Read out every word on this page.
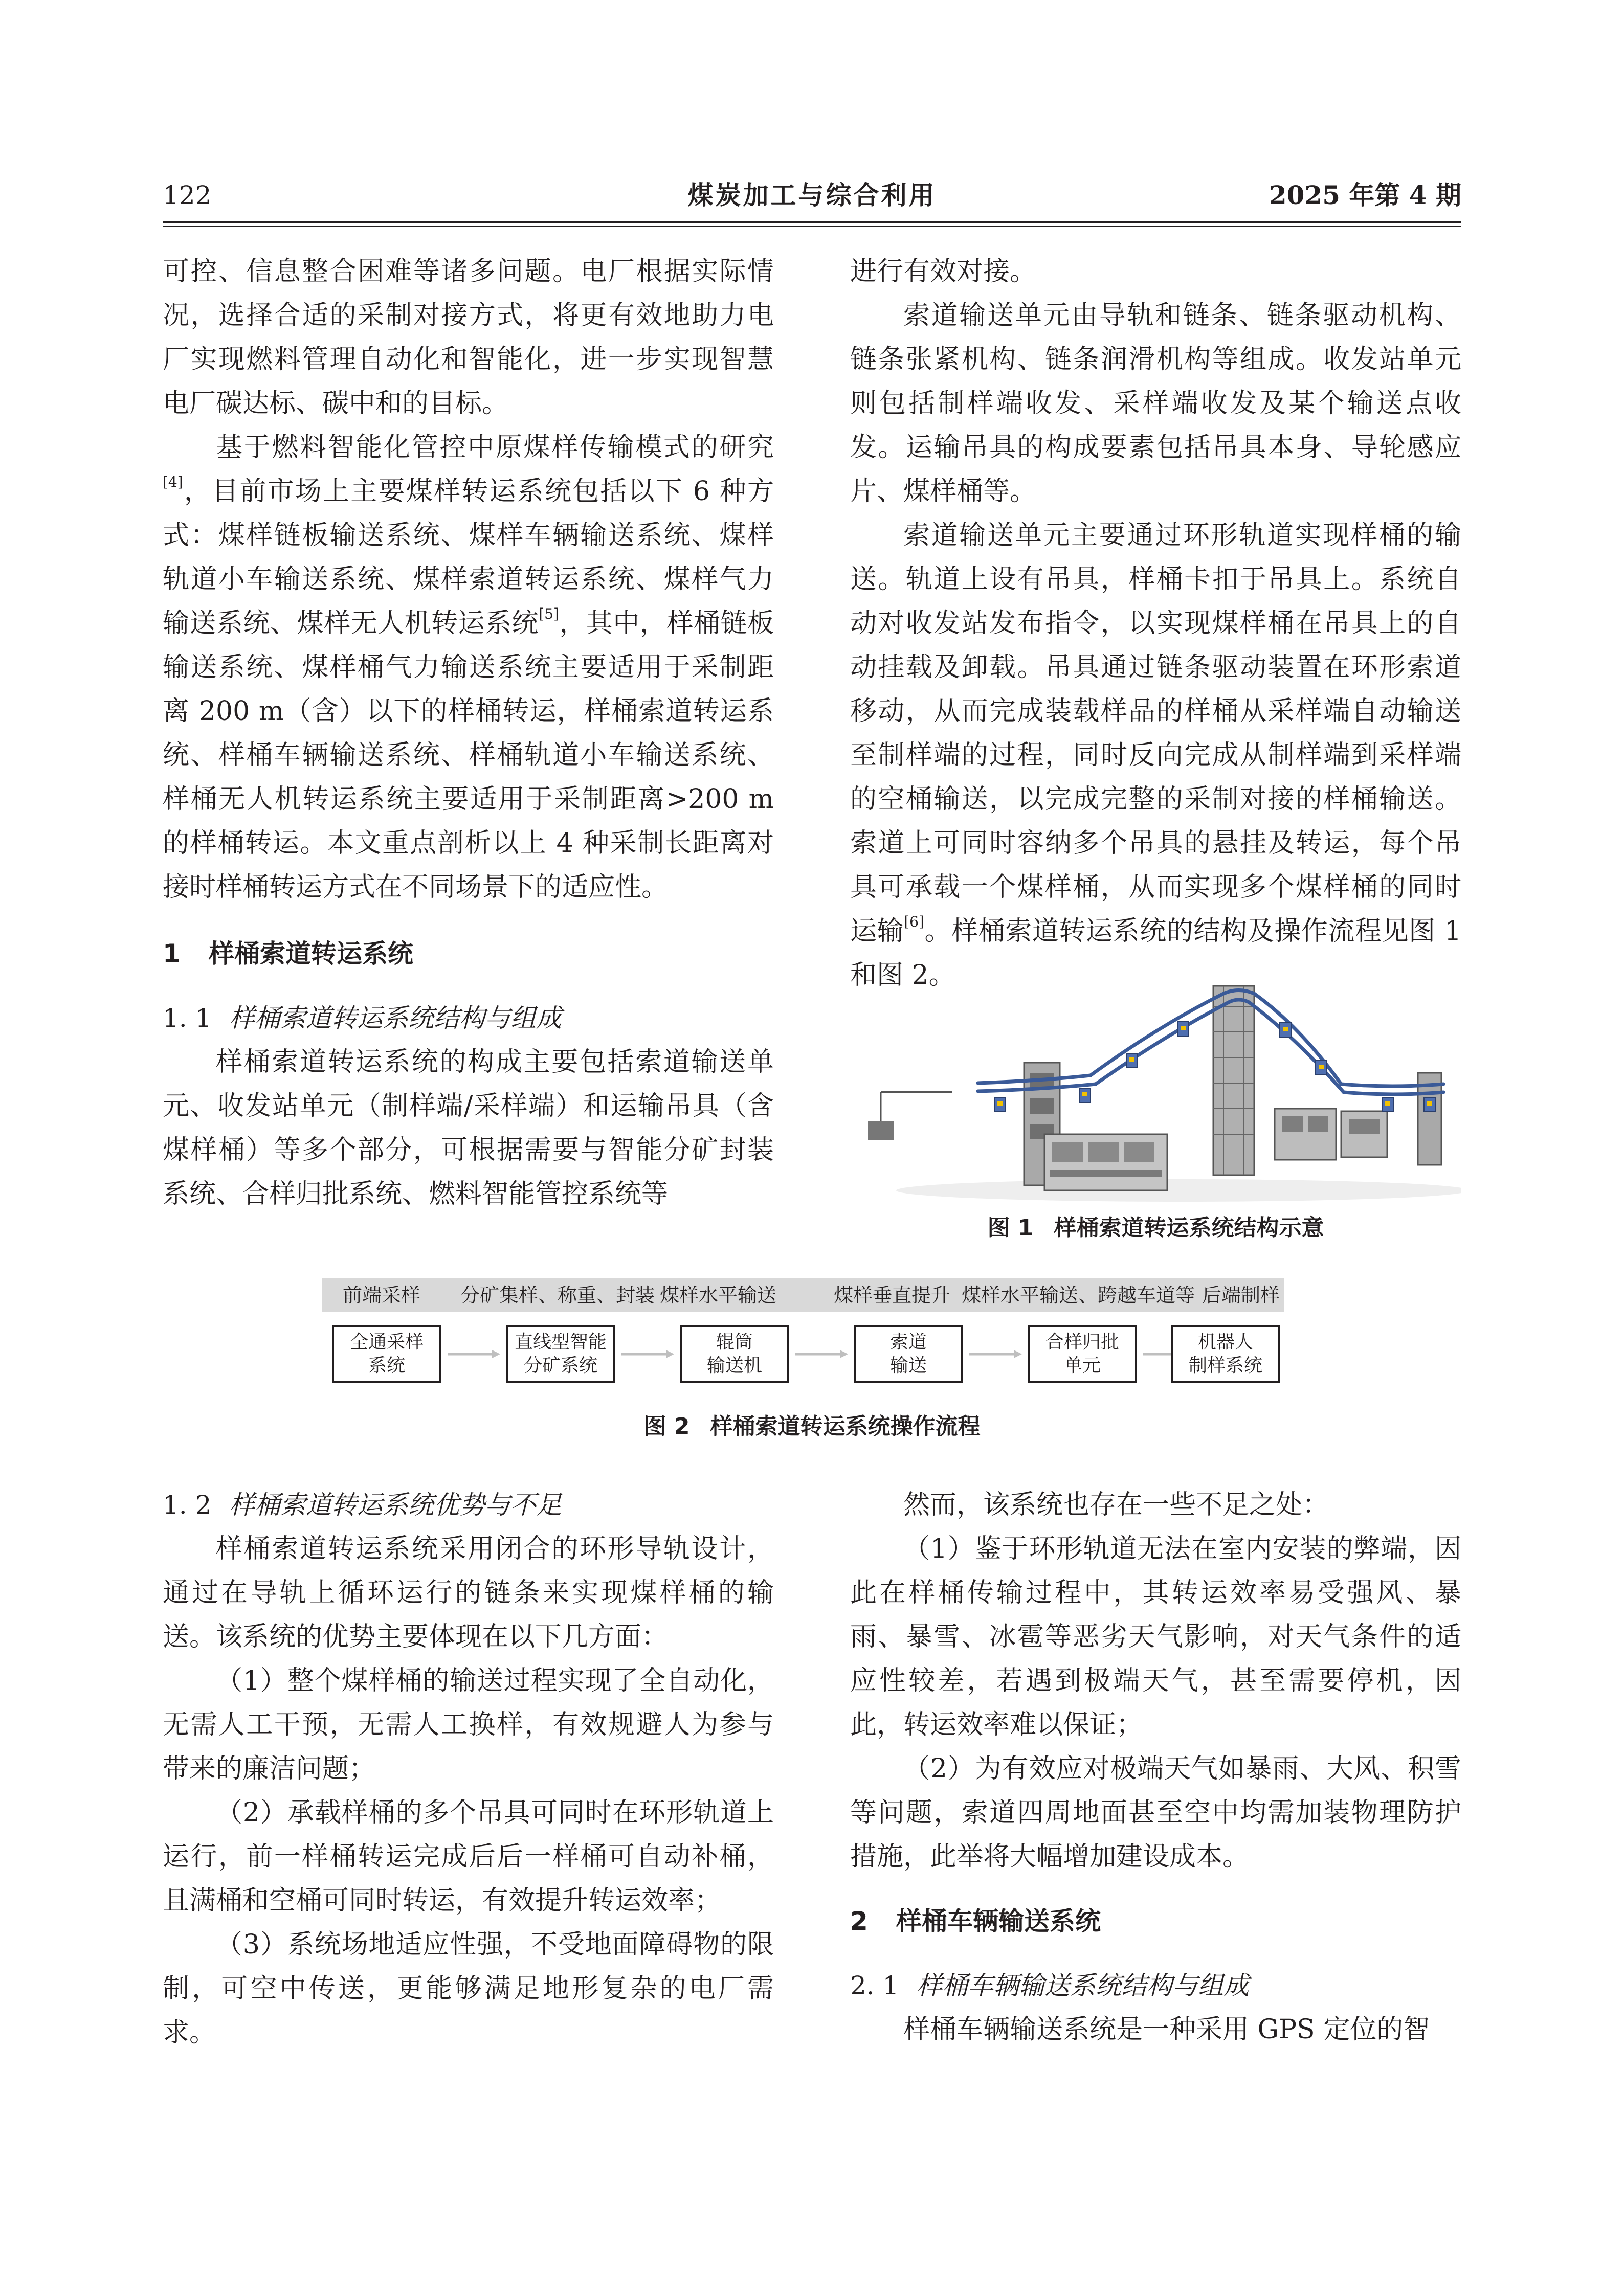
122	煤炭加工与综合利用	2025 年第 4 期

可控、信息整合困难等诸多问题。电厂根据实际情况，选择合适的采制对接方式，将更有效地助力电厂实现燃料管理自动化和智能化，进一步实现智慧电厂碳达标、碳中和的目标。

基于燃料智能化管控中原煤样传输模式的研究[4]，目前市场上主要煤样转运系统包括以下 6 种方式：煤样链板输送系统、煤样车辆输送系统、煤样轨道小车输送系统、煤样索道转运系统、煤样气力输送系统、煤样无人机转运系统[5]，其中，样桶链板输送系统、煤样桶气力输送系统主要适用于采制距离 200 m（含）以下的样桶转运，样桶索道转运系统、样桶车辆输送系统、样桶轨道小车输送系统、样桶无人机转运系统主要适用于采制距离>200 m 的样桶转运。本文重点剖析以上 4 种采制长距离对接时样桶转运方式在不同场景下的适应性。

1 样桶索道转运系统

1. 1 样桶索道转运系统结构与组成

样桶索道转运系统的构成主要包括索道输送单元、收发站单元（制样端/采样端）和运输吊具（含煤样桶）等多个部分，可根据需要与智能分矿封装系统、合样归批系统、燃料智能管控系统等

进行有效对接。

索道输送单元由导轨和链条、链条驱动机构、链条张紧机构、链条润滑机构等组成。收发站单元则包括制样端收发、采样端收发及某个输送点收发。运输吊具的构成要素包括吊具本身、导轮感应片、煤样桶等。

索道输送单元主要通过环形轨道实现样桶的输送。轨道上设有吊具，样桶卡扣于吊具上。系统自动对收发站发布指令，以实现煤样桶在吊具上的自动挂载及卸载。吊具通过链条驱动装置在环形索道移动，从而完成装载样品的样桶从采样端自动输送至制样端的过程，同时反向完成从制样端到采样端的空桶输送，以完成完整的采制对接的样桶输送。索道上可同时容纳多个吊具的悬挂及转运，每个吊具可承载一个煤样桶，从而实现多个煤样桶的同时运输[6]。样桶索道转运系统的结构及操作流程见图 1 和图 2。

图 1 样桶索道转运系统结构示意
前端采样 分矿集样、称重、封装 煤样水平输送	煤样垂直提升 煤样水平输送、跨越车道等 后端制样
全通采样
系统
直线型智能
分矿系统
辊筒
输送机
索道
输送
合样归批
单元
机器人
制样系统
图 2 样桶索道转运系统操作流程

1. 2 样桶索道转运系统优势与不足

样桶索道转运系统采用闭合的环形导轨设计，通过在导轨上循环运行的链条来实现煤样桶的输送。该系统的优势主要体现在以下几方面：

（1）整个煤样桶的输送过程实现了全自动化，无需人工干预，无需人工换样，有效规避人为参与带来的廉洁问题；

（2）承载样桶的多个吊具可同时在环形轨道上运行，前一样桶转运完成后后一样桶可自动补桶，且满桶和空桶可同时转运，有效提升转运效率；

（3）系统场地适应性强，不受地面障碍物的限制，可空中传送，更能够满足地形复杂的电厂需求。

然而，该系统也存在一些不足之处：

（1）鉴于环形轨道无法在室内安装的弊端，因此在样桶传输过程中，其转运效率易受强风、暴雨、暴雪、冰雹等恶劣天气影响，对天气条件的适应性较差，若遇到极端天气，甚至需要停机，因此，转运效率难以保证；

（2）为有效应对极端天气如暴雨、大风、积雪等问题，索道四周地面甚至空中均需加装物理防护措施，此举将大幅增加建设成本。

2 样桶车辆输送系统

2. 1 样桶车辆输送系统结构与组成

样桶车辆输送系统是一种采用 GPS 定位的智
